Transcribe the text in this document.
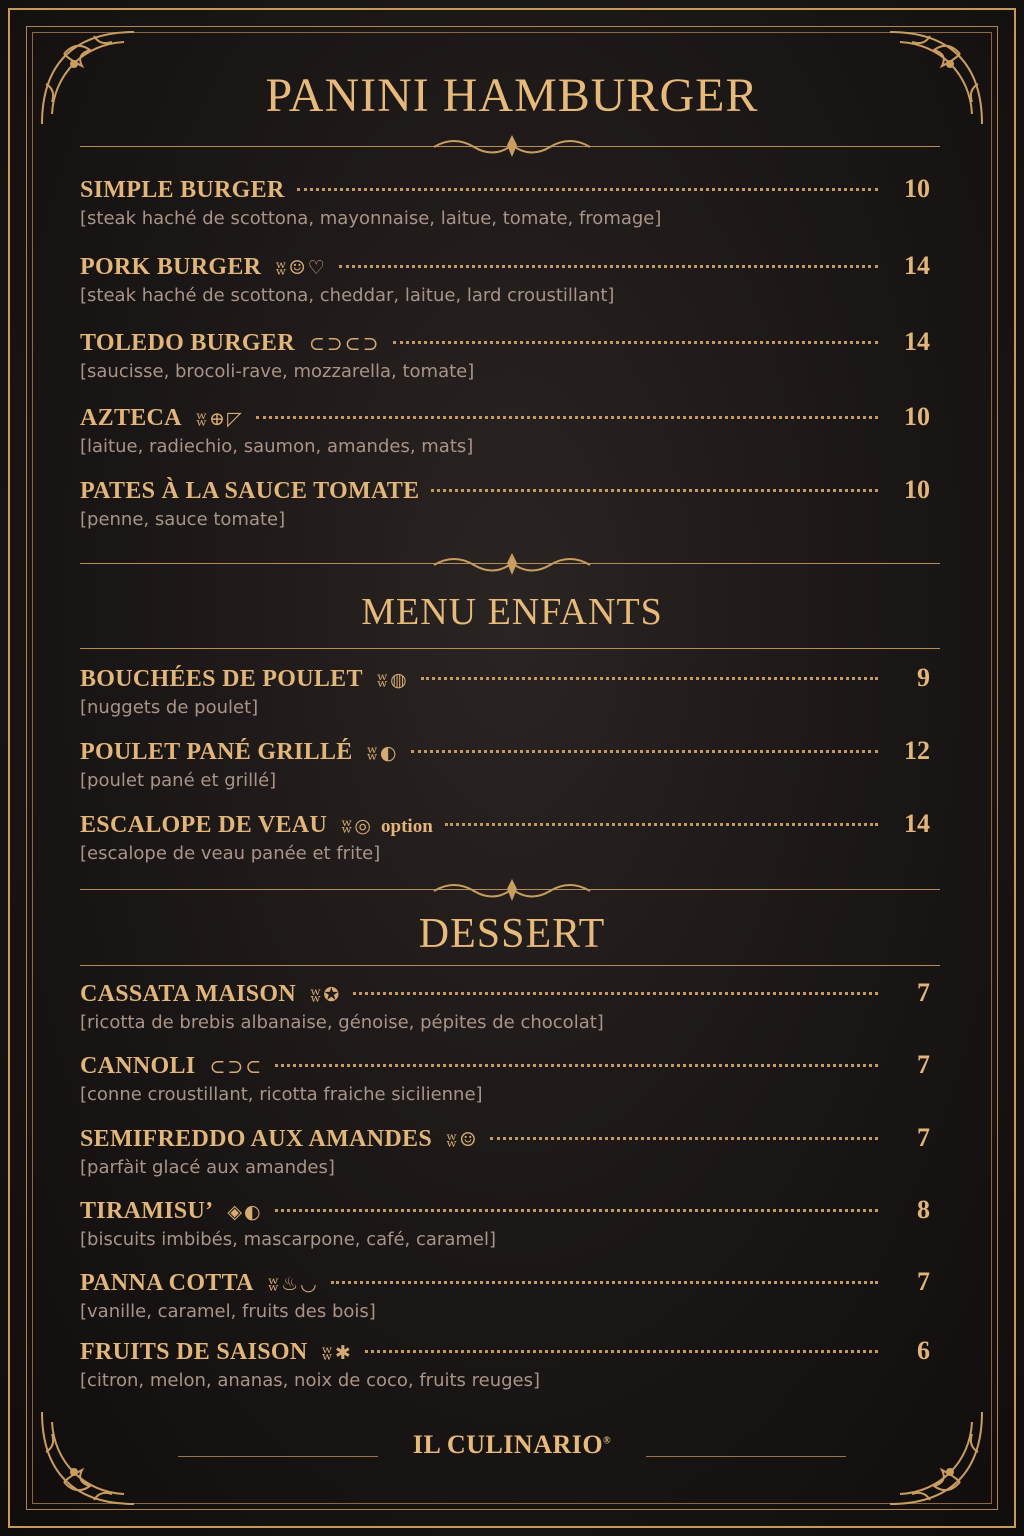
PANINI HAMBURGER
SIMPLE BURGER	10
[steak haché de scottona, mayonnaise, laitue, tomate, fromage]
PORK BURGER ʬ☺♡	14
[steak haché de scottona, cheddar, laitue, lard croustillant]
TOLEDO BURGER ⊂⊃⊂⊃	14
[saucisse, brocoli-rave, mozzarella, tomate]
AZTECA ʬ⊕◸	10
[laitue, radiechio, saumon, amandes, mats]
PATES À LA SAUCE TOMATE	10
[penne, sauce tomate]
MENU ENFANTS
BOUCHÉES DE POULET ʬ◍	9
[nuggets de poulet]
POULET PANÉ GRILLÉ ʬ◐	12
[poulet pané et grillé]
ESCALOPE DE VEAU ʬ◎ option	14
[escalope de veau panée et frite]
DESSERT
CASSATA MAISON ʬ✪	7
[ricotta de brebis albanaise, génoise, pépites de chocolat]
CANNOLI ⊂⊃⊂	7
[conne croustillant, ricotta fraiche sicilienne]
SEMIFREDDO AUX AMANDES ʬ☺	7
[parfàit glacé aux amandes]
TIRAMISU’ ◈◐	8
[biscuits imbibés, mascarpone, café, caramel]
PANNA COTTA ʬ♨◡	7
[vanille, caramel, fruits des bois]
FRUITS DE SAISON ʬ✱	6
[citron, melon, ananas, noix de coco, fruits reuges]
IL CULINARIO®
